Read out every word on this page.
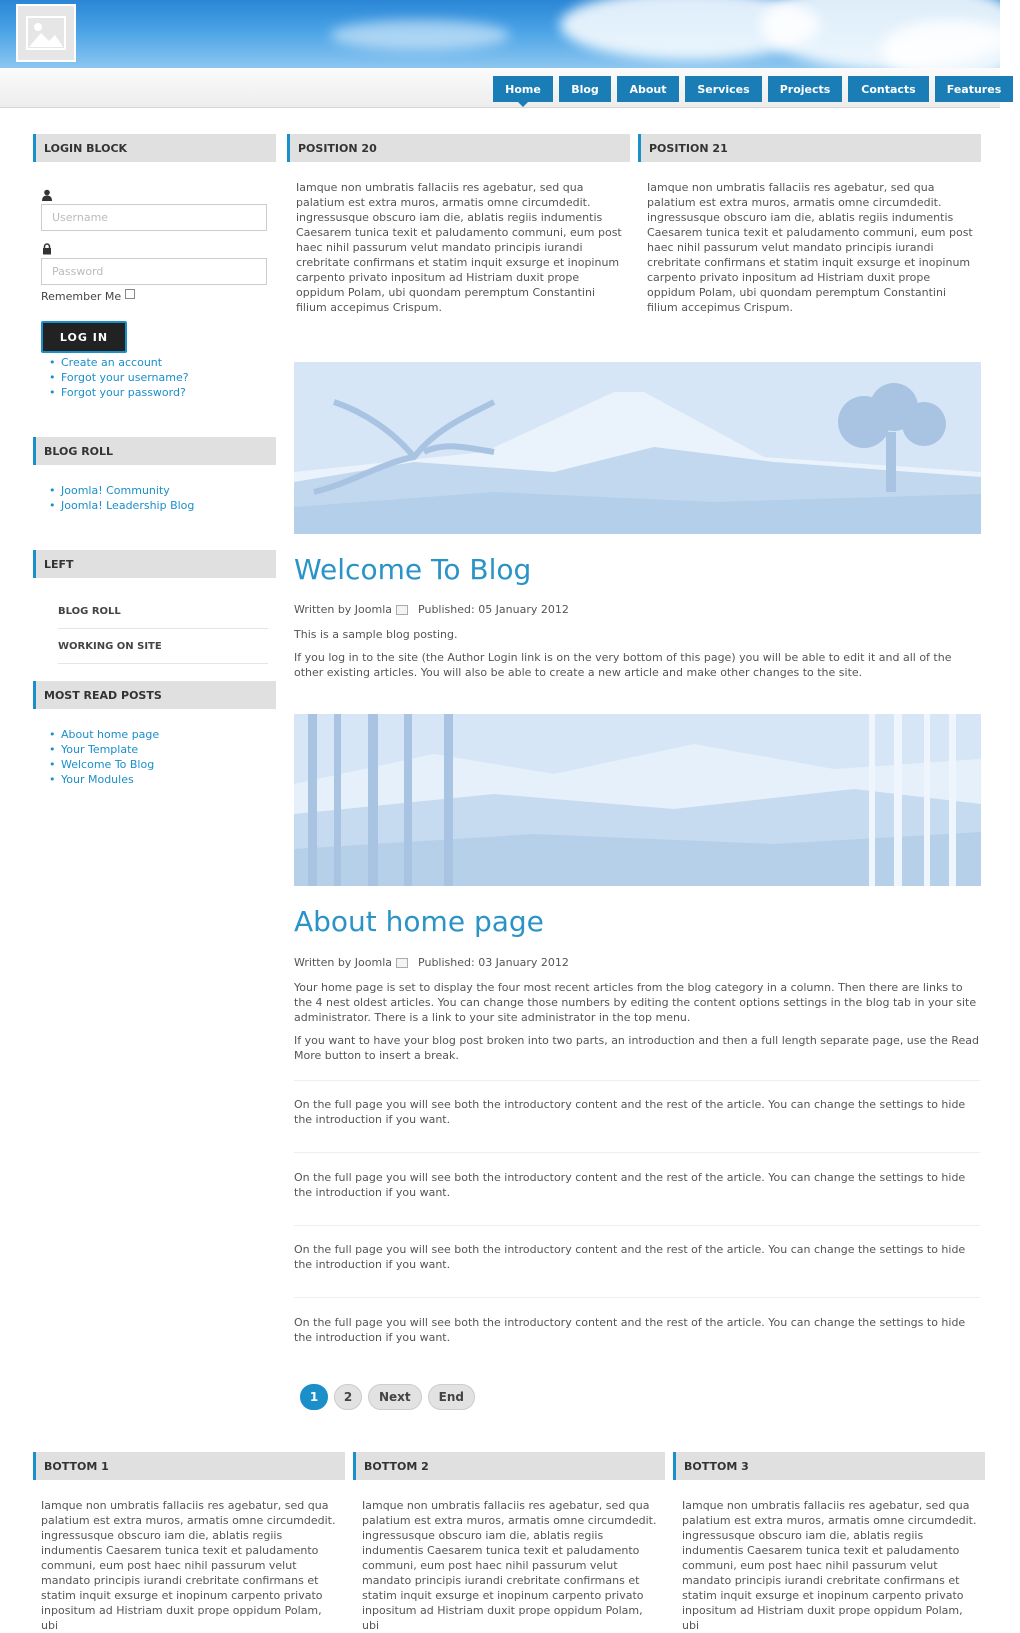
Home	Blog	About	Services	Projects	Contacts	Features
LOGIN BLOCK
Username
Password
Remember Me
LOG IN
• Create an account
• Forgot your username?
• Forgot your password?
BLOG ROLL
• Joomla! Community
• Joomla! Leadership Blog
LEFT
BLOG ROLL
WORKING ON SITE
MOST READ POSTS
• About home page
• Your Template
• Welcome To Blog
• Your Modules
POSITION 20
Iamque non umbratis fallaciis res agebatur, sed qua palatium est extra muros, armatis omne circumdedit. ingressusque obscuro iam die, ablatis regiis indumentis Caesarem tunica texit et paludamento communi, eum post haec nihil passurum velut mandato principis iurandi crebritate confirmans et statim inquit exsurge et inopinum carpento privato inpositum ad Histriam duxit prope oppidum Polam, ubi quondam peremptum Constantini filium accepimus Crispum.
POSITION 21
Iamque non umbratis fallaciis res agebatur, sed qua palatium est extra muros, armatis omne circumdedit. ingressusque obscuro iam die, ablatis regiis indumentis Caesarem tunica texit et paludamento communi, eum post haec nihil passurum velut mandato principis iurandi crebritate confirmans et statim inquit exsurge et inopinum carpento privato inpositum ad Histriam duxit prope oppidum Polam, ubi quondam peremptum Constantini filium accepimus Crispum.
Welcome To Blog
Written by Joomla Published: 05 January 2012
This is a sample blog posting.
If you log in to the site (the Author Login link is on the very bottom of this page) you will be able to edit it and all of the other existing articles. You will also be able to create a new article and make other changes to the site.
About home page
Written by Joomla Published: 03 January 2012
Your home page is set to display the four most recent articles from the blog category in a column. Then there are links to the 4 nest oldest articles. You can change those numbers by editing the content options settings in the blog tab in your site administrator. There is a link to your site administrator in the top menu.
If you want to have your blog post broken into two parts, an introduction and then a full length separate page, use the Read More button to insert a break.
On the full page you will see both the introductory content and the rest of the article. You can change the settings to hide the introduction if you want.
On the full page you will see both the introductory content and the rest of the article. You can change the settings to hide the introduction if you want.
On the full page you will see both the introductory content and the rest of the article. You can change the settings to hide the introduction if you want.
On the full page you will see both the introductory content and the rest of the article. You can change the settings to hide the introduction if you want.
1	2	Next	End
BOTTOM 1
Iamque non umbratis fallaciis res agebatur, sed qua palatium est extra muros, armatis omne circumdedit. ingressusque obscuro iam die, ablatis regiis indumentis Caesarem tunica texit et paludamento communi, eum post haec nihil passurum velut mandato principis iurandi crebritate confirmans et statim inquit exsurge et inopinum carpento privato inpositum ad Histriam duxit prope oppidum Polam, ubi
BOTTOM 2
Iamque non umbratis fallaciis res agebatur, sed qua palatium est extra muros, armatis omne circumdedit. ingressusque obscuro iam die, ablatis regiis indumentis Caesarem tunica texit et paludamento communi, eum post haec nihil passurum velut mandato principis iurandi crebritate confirmans et statim inquit exsurge et inopinum carpento privato inpositum ad Histriam duxit prope oppidum Polam, ubi
BOTTOM 3
Iamque non umbratis fallaciis res agebatur, sed qua palatium est extra muros, armatis omne circumdedit. ingressusque obscuro iam die, ablatis regiis indumentis Caesarem tunica texit et paludamento communi, eum post haec nihil passurum velut mandato principis iurandi crebritate confirmans et statim inquit exsurge et inopinum carpento privato inpositum ad Histriam duxit prope oppidum Polam, ubi
